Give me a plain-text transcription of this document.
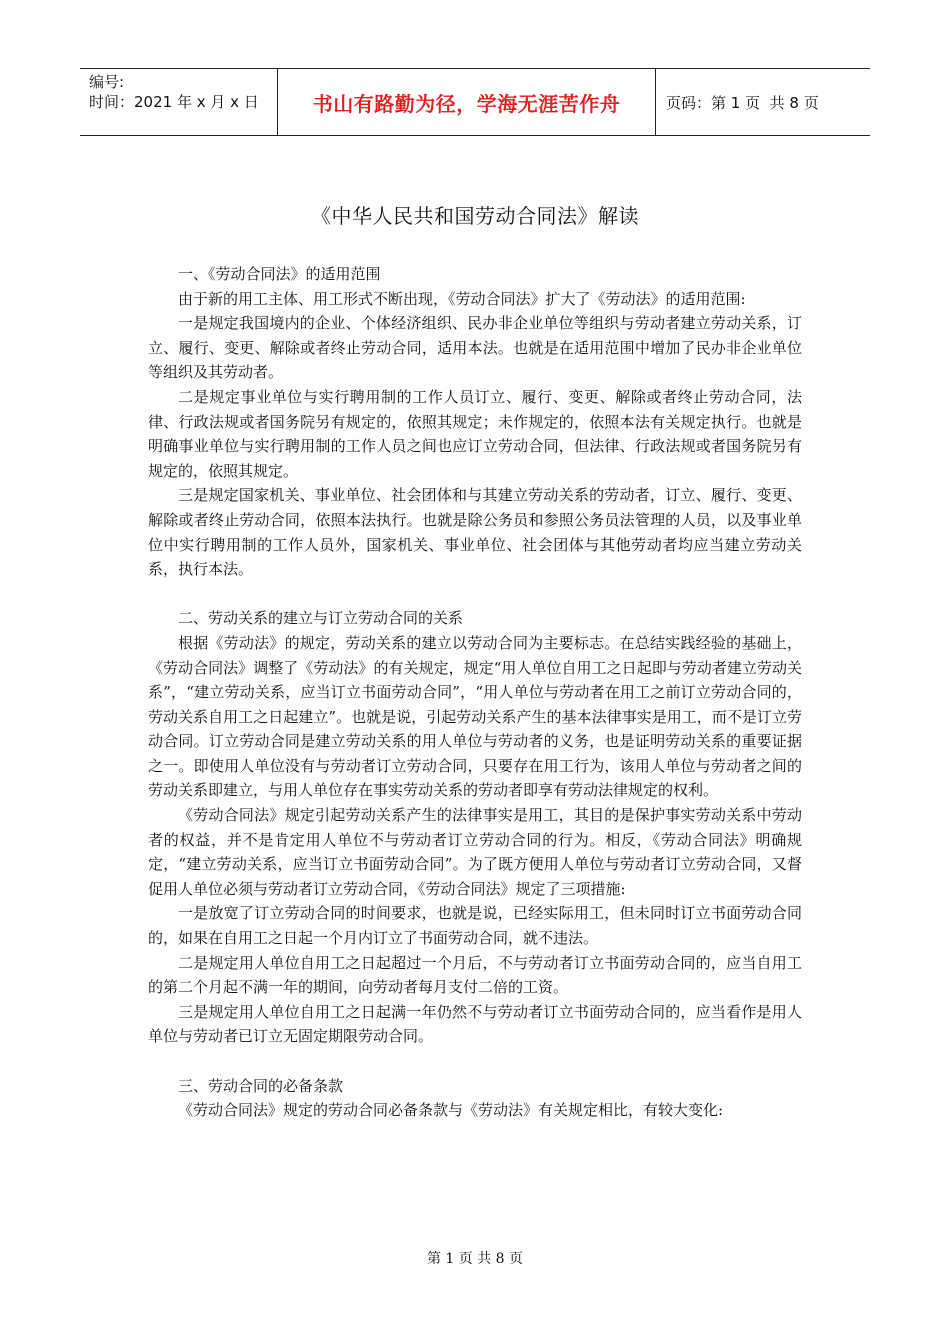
编号:
时间：2021 年 x 月 x 日	书山有路勤为径，学海无涯苦作舟	页码：第 1 页  共 8 页
《中华人民共和国劳动合同法》解读

一、《劳动合同法》的适用范围

由于新的用工主体、用工形式不断出现，《劳动合同法》扩大了《劳动法》的适用范围:

一是规定我国境内的企业、个体经济组织、民办非企业单位等组织与劳动者建立劳动关系，订立、履行、变更、解除或者终止劳动合同，适用本法。也就是在适用范围中增加了民办非企业单位等组织及其劳动者。

二是规定事业单位与实行聘用制的工作人员订立、履行、变更、解除或者终止劳动合同，法律、行政法规或者国务院另有规定的，依照其规定；未作规定的，依照本法有关规定执行。也就是明确事业单位与实行聘用制的工作人员之间也应订立劳动合同，但法律、行政法规或者国务院另有规定的，依照其规定。

三是规定国家机关、事业单位、社会团体和与其建立劳动关系的劳动者，订立、履行、变更、解除或者终止劳动合同，依照本法执行。也就是除公务员和参照公务员法管理的人员，以及事业单位中实行聘用制的工作人员外，国家机关、事业单位、社会团体与其他劳动者均应当建立劳动关系，执行本法。

二、劳动关系的建立与订立劳动合同的关系

根据《劳动法》的规定，劳动关系的建立以劳动合同为主要标志。在总结实践经验的基础上，《劳动合同法》调整了《劳动法》的有关规定，规定“用人单位自用工之日起即与劳动者建立劳动关系”，“建立劳动关系，应当订立书面劳动合同”，“用人单位与劳动者在用工之前订立劳动合同的，劳动关系自用工之日起建立”。也就是说，引起劳动关系产生的基本法律事实是用工，而不是订立劳动合同。订立劳动合同是建立劳动关系的用人单位与劳动者的义务，也是证明劳动关系的重要证据之一。即使用人单位没有与劳动者订立劳动合同，只要存在用工行为，该用人单位与劳动者之间的劳动关系即建立，与用人单位存在事实劳动关系的劳动者即享有劳动法律规定的权利。

《劳动合同法》规定引起劳动关系产生的法律事实是用工，其目的是保护事实劳动关系中劳动者的权益，并不是肯定用人单位不与劳动者订立劳动合同的行为。相反，《劳动合同法》明确规定，“建立劳动关系，应当订立书面劳动合同”。为了既方便用人单位与劳动者订立劳动合同，又督促用人单位必须与劳动者订立劳动合同，《劳动合同法》规定了三项措施:

一是放宽了订立劳动合同的时间要求，也就是说，已经实际用工，但未同时订立书面劳动合同的，如果在自用工之日起一个月内订立了书面劳动合同，就不违法。

二是规定用人单位自用工之日起超过一个月后，不与劳动者订立书面劳动合同的，应当自用工的第二个月起不满一年的期间，向劳动者每月支付二倍的工资。

三是规定用人单位自用工之日起满一年仍然不与劳动者订立书面劳动合同的，应当看作是用人单位与劳动者已订立无固定期限劳动合同。

三、劳动合同的必备条款

《劳动合同法》规定的劳动合同必备条款与《劳动法》有关规定相比，有较大变化:

第 1 页 共 8 页
